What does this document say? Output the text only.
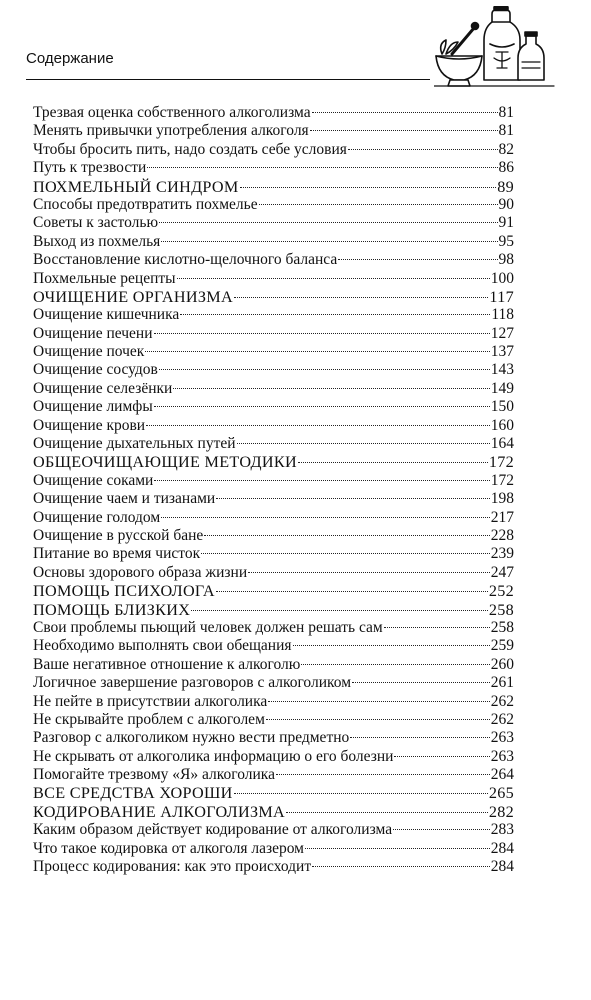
Содержание
Трезвая оценка собственного алкоголизма	81
Менять привычки употребления алкоголя	81
Чтобы бросить пить, надо создать себе условия	82
Путь к трезвости	86
ПОХМЕЛЬНЫЙ СИНДРОМ	89
Способы предотвратить похмелье	90
Советы к застолью	91
Выход из похмелья	95
Восстановление кислотно-щелочного баланса	98
Похмельные рецепты	100
ОЧИЩЕНИЕ ОРГАНИЗМА	117
Очищение кишечника	118
Очищение печени	127
Очищение почек	137
Очищение сосудов	143
Очищение селезёнки	149
Очищение лимфы	150
Очищение крови	160
Очищение дыхательных путей	164
ОБЩЕОЧИЩАЮЩИЕ МЕТОДИКИ	172
Очищение соками	172
Очищение чаем и тизанами	198
Очищение голодом	217
Очищение в русской бане	228
Питание во время чисток	239
Основы здорового образа жизни	247
ПОМОЩЬ ПСИХОЛОГА	252
ПОМОЩЬ БЛИЗКИХ	258
Свои проблемы пьющий человек должен решать сам	258
Необходимо выполнять свои обещания	259
Ваше негативное отношение к алкоголю	260
Логичное завершение разговоров с алкоголиком	261
Не пейте в присутствии алкоголика	262
Не скрывайте проблем с алкоголем	262
Разговор с алкоголиком нужно вести предметно	263
Не скрывать от алкоголика информацию о его болезни	263
Помогайте трезвому «Я» алкоголика	264
ВСЕ СРЕДСТВА ХОРОШИ	265
КОДИРОВАНИЕ АЛКОГОЛИЗМА	282
Каким образом действует кодирование от алкоголизма	283
Что такое кодировка от алкоголя лазером	284
Процесс кодирования: как это происходит	284
